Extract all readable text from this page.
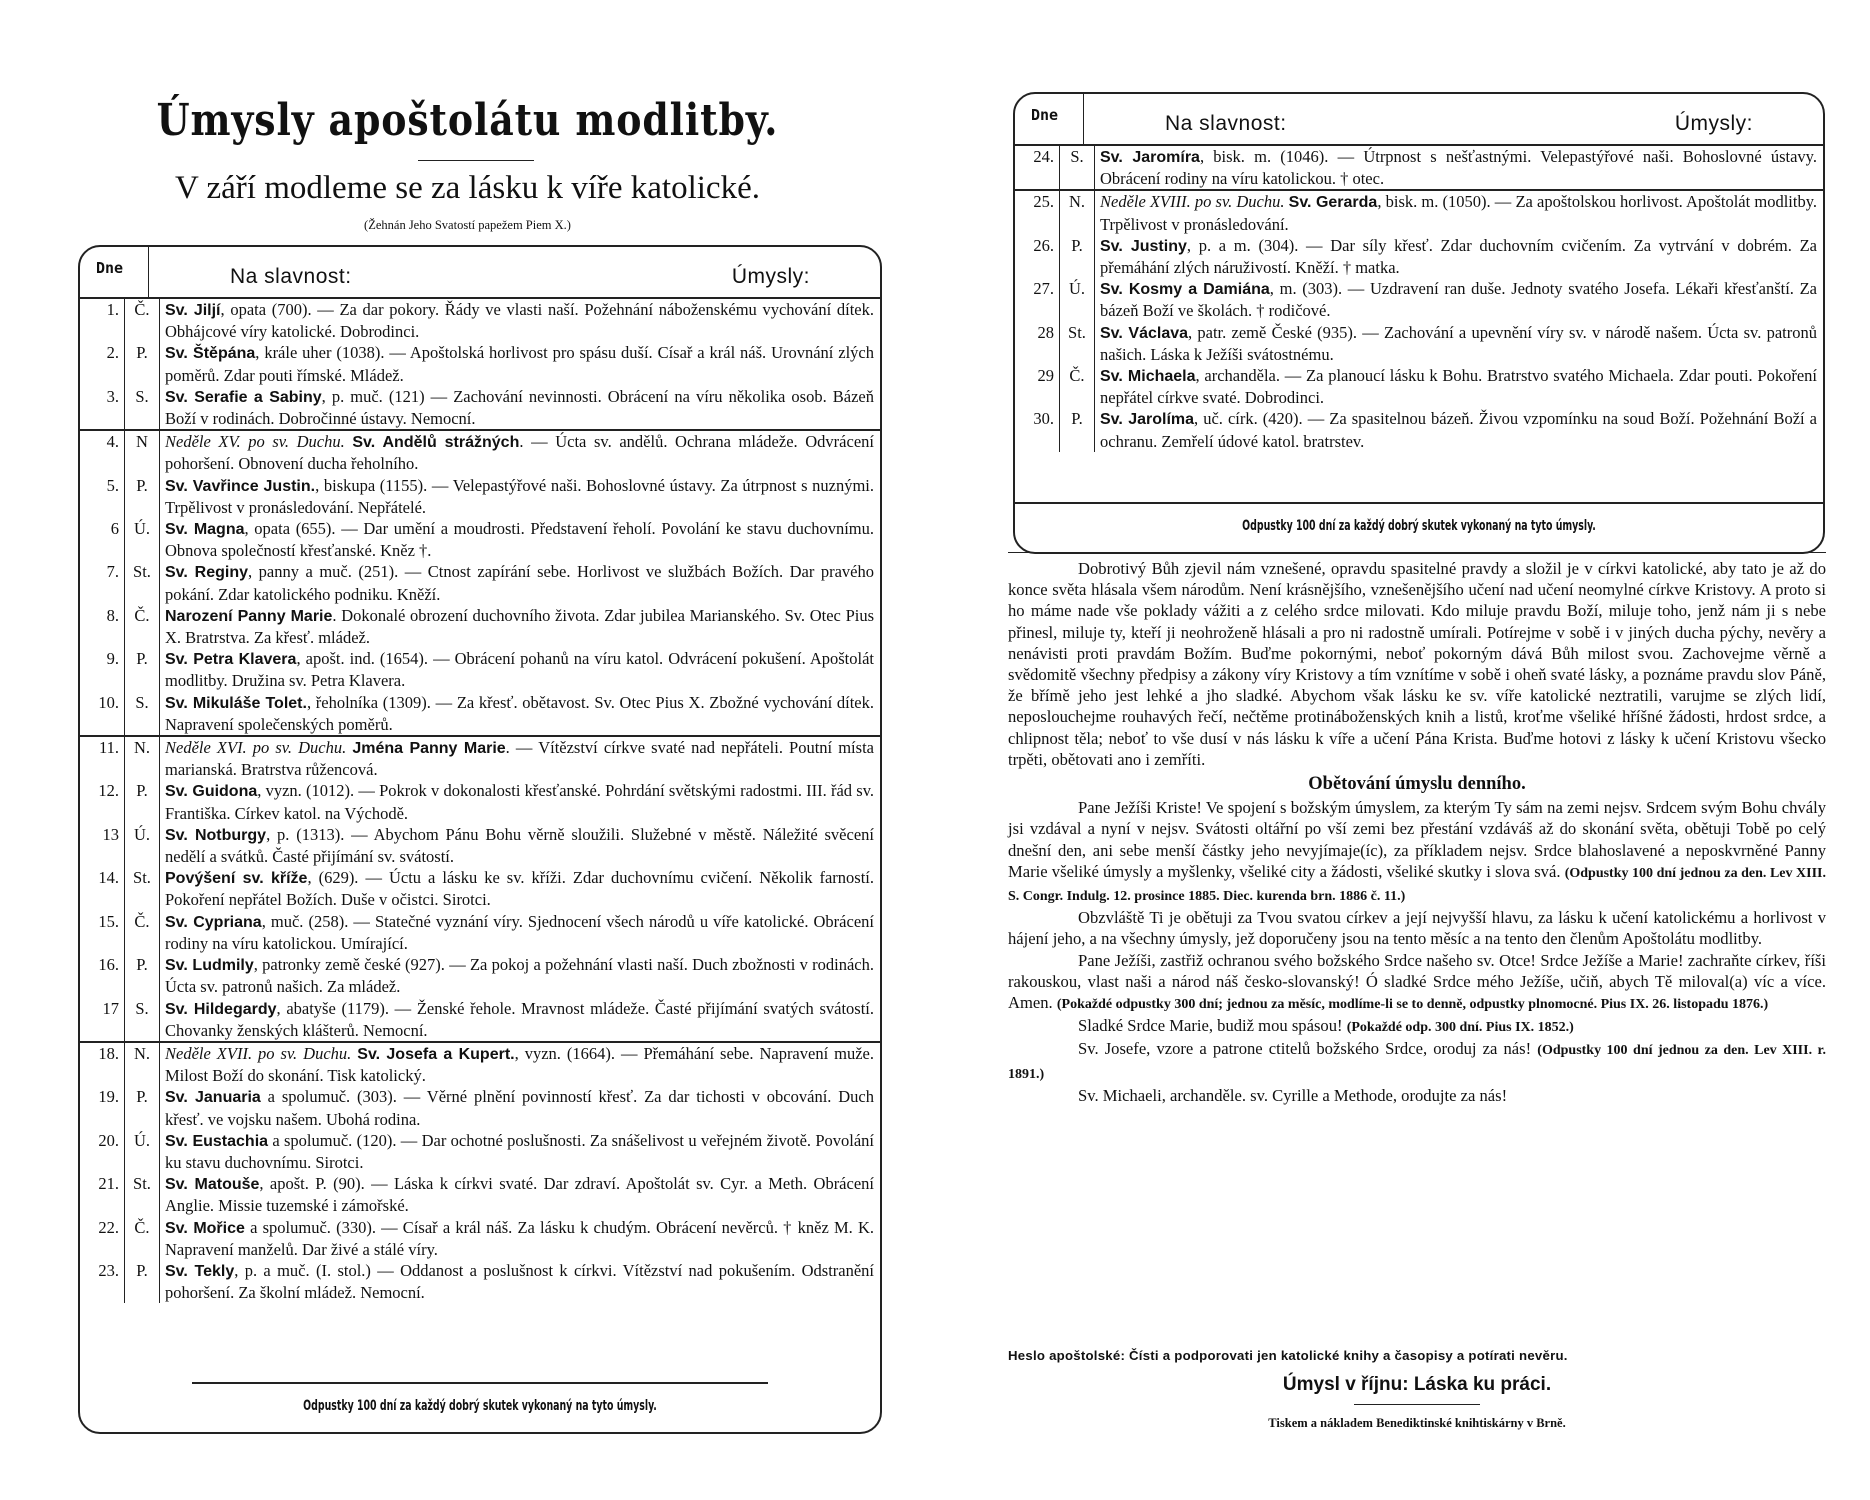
Úmysly apoštolátu modlitby.
V září modleme se za lásku k víře katolické.
(Žehnán Jeho Svatostí papežem Piem X.)
Dne	Na slavnost:	Úmysly:
1. Č. Sv. Jiljí, opata (700). — Za dar pokory. Řády ve vlasti naší. Požehnání náboženskému vychování dítek. Obhájcové víry katolické. Dobrodinci.
2.	P.	Sv. Štěpána, krále uher (1038). — Apoštolská horlivost pro spásu duší. Císař a král náš. Urovnání zlých poměrů. Zdar pouti římské. Mládež.
3. S.	Sv. Serafie a Sabiny, p. muč. (121) — Zachování nevinnosti. Obrácení na víru několika osob. Bázeň Boží v rodinách. Dobročinné ústavy. Nemocní.
4.	N	Neděle XV. po sv. Duchu. Sv. Andělů strážných. — Úcta sv. andělů. Ochrana mládeže. Odvrácení pohoršení. Obnovení ducha řeholního.
5.	P.	Sv. Vavřince Justin., biskupa (1155). — Velepastýřové naši. Bohoslovné ústavy. Za útrpnost s nuznými. Trpělivost v pronásledování. Nepřátelé.
6 Ú. Sv. Magna, opata (655). — Dar umění a moudrosti. Představení řeholí. Povolání ke stavu duchovnímu. Obnova společností křesťanské. Kněz †.
7. St. Sv. Reginy, panny a muč. (251). — Ctnost zapírání sebe. Horlivost ve službách Božích. Dar pravého pokání. Zdar katolického podniku. Kněží.
8. Č. Narození Panny Marie. Dokonalé obrození duchovního života. Zdar jubilea Marianského. Sv. Otec Pius X. Bratrstva. Za křesť. mládež.
9.	P.	Sv. Petra Klavera, apošt. ind. (1654). — Obrácení pohanů na víru katol. Odvrácení pokušení. Apoštolát modlitby. Družina sv. Petra Klavera.
10. S.	Sv. Mikuláše Tolet., řeholníka (1309). — Za křesť. obětavost. Sv. Otec Pius X. Zbožné vychování dítek. Napravení společenských poměrů.
11. N. Neděle XVI. po sv. Duchu. Jména Panny Marie. — Vítězství církve svaté nad nepřáteli. Poutní místa marianská. Bratrstva růžencová.
12.	P.	Sv. Guidona, vyzn. (1012). — Pokrok v dokonalosti křesťanské. Pohrdání světskými radostmi. III. řád sv. Františka. Církev katol. na Východě.
13 Ú. Sv. Notburgy, p. (1313). — Abychom Pánu Bohu věrně sloužili. Služebné v městě. Náležité svěcení nedělí a svátků. Časté přijímání sv. svátostí.
14. St. Povýšení sv. kříže, (629). — Úctu a lásku ke sv. kříži. Zdar duchovnímu cvičení. Několik farností. Pokoření nepřátel Božích. Duše v očistci. Sirotci.
15. Č. Sv. Cypriana, muč. (258). — Statečné vyznání víry. Sjednocení všech národů u víře katolické. Obrácení rodiny na víru katolickou. Umírající.
16.	P.	Sv. Ludmily, patronky země české (927). — Za pokoj a požehnání vlasti naší. Duch zbožnosti v rodinách. Úcta sv. patronů našich. Za mládež.
17 S.	Sv. Hildegardy, abatyše (1179). — Ženské řehole. Mravnost mládeže. Časté přijímání svatých svátostí. Chovanky ženských klášterů. Nemocní.
18. N. Neděle XVII. po sv. Duchu. Sv. Josefa a Kupert., vyzn. (1664). — Přemáhání sebe. Napravení muže. Milost Boží do skonání. Tisk katolický.
19.	P.	Sv. Januaria a spolumuč. (303). — Věrné plnění povinností křesť. Za dar tichosti v obcování. Duch křesť. ve vojsku našem. Ubohá rodina.
20. Ú. Sv. Eustachia a spolumuč. (120). — Dar ochotné poslušnosti. Za snášelivost u veřejném životě. Povolání ku stavu duchovnímu. Sirotci.
21. St. Sv. Matouše, apošt. P. (90). — Láska k církvi svaté. Dar zdraví. Apoštolát sv. Cyr. a Meth. Obrácení Anglie. Missie tuzemské i zámořské.
22. Č. Sv. Mořice a spolumuč. (330). — Císař a král náš. Za lásku k chudým. Obrácení nevěrců. † kněz M. K. Napravení manželů. Dar živé a stálé víry.
23.	P.	Sv. Tekly, p. a muč. (I. stol.) — Oddanost a poslušnost k církvi. Vítězství nad pokušením. Odstranění pohoršení. Za školní mládež. Nemocní.
Odpustky 100 dní za každý dobrý skutek vykonaný na tyto úmysly.
Dne	Na slavnost:	Úmysly:
24. S.	Sv. Jaromíra, bisk. m. (1046). — Útrpnost s nešťastnými. Velepastýřové naši. Bohoslovné ústavy. Obrácení rodiny na víru katolickou. † otec.
25. N. Neděle XVIII. po sv. Duchu. Sv. Gerarda, bisk. m. (1050). — Za apoštolskou horlivost. Apoštolát modlitby. Trpělivost v pronásledování.
26.	P.	Sv. Justiny, p. a m. (304). — Dar síly křesť. Zdar duchovním cvičením. Za vytrvání v dobrém. Za přemáhání zlých náruživostí. Kněží. † matka.
27. Ú. Sv. Kosmy a Damiána, m. (303). — Uzdravení ran duše. Jednoty svatého Josefa. Lékaři křesťanští. Za bázeň Boží ve školách. † rodičové.
28 St. Sv. Václava, patr. země České (935). — Zachování a upevnění víry sv. v národě našem. Úcta sv. patronů našich. Láska k Ježíši svátostnému.
29 Č. Sv. Michaela, archanděla. — Za planoucí lásku k Bohu. Bratrstvo svatého Michaela. Zdar pouti. Pokoření nepřátel církve svaté. Dobrodinci.
30.	P.	Sv. Jarolíma, uč. círk. (420). — Za spasitelnou bázeň. Živou vzpomínku na soud Boží. Požehnání Boží a ochranu. Zemřelí údové katol. bratrstev.
Odpustky 100 dní za každý dobrý skutek vykonaný na tyto úmysly.

Dobrotivý Bůh zjevil nám vznešené, opravdu spasitelné pravdy a složil je v církvi katolické, aby tato je až do konce světa hlásala všem národům. Není krásnějšího, vznešenějšího učení nad učení neomylné církve Kristovy. A proto si ho máme nade vše poklady vážiti a z celého srdce milovati. Kdo miluje pravdu Boží, miluje toho, jenž nám ji s nebe přinesl, miluje ty, kteří ji neohroženě hlásali a pro ni radostně umírali. Potírejme v sobě i v jiných ducha pýchy, nevěry a nenávisti proti pravdám Božím. Buďme pokornými, neboť pokorným dává Bůh milost svou. Zachovejme věrně a svědomitě všechny předpisy a zákony víry Kristovy a tím vznítíme v sobě i oheň svaté lásky, a poznáme pravdu slov Páně, že břímě jeho jest lehké a jho sladké. Abychom však lásku ke sv. víře katolické neztratili, varujme se zlých lidí, neposlouchejme rouhavých řečí, nečtěme protináboženských knih a listů, kroťme všeliké hříšné žádosti, hrdost srdce, a chlipnost těla; neboť to vše dusí v nás lásku k víře a učení Pána Krista. Buďme hotovi z lásky k učení Kristovu všecko trpěti, obětovati ano i zemříti.

Obětování úmyslu denního.

Pane Ježíši Kriste! Ve spojení s božským úmyslem, za kterým Ty sám na zemi nejsv. Srdcem svým Bohu chvály jsi vzdával a nyní v nejsv. Svátosti oltářní po vší zemi bez přestání vzdáváš až do skonání světa, obětuji Tobě po celý dnešní den, ani sebe menší částky jeho nevyjímaje(íc), za příkladem nejsv. Srdce blahoslavené a neposkvrněné Panny Marie všeliké úmysly a myšlenky, všeliké city a žádosti, všeliké skutky i slova svá. (Odpustky 100 dní jednou za den. Lev XIII. S. Congr. Indulg. 12. prosince 1885. Diec. kurenda brn. 1886 č. 11.)

Obzvláště Ti je obětuji za Tvou svatou církev a její nejvyšší hlavu, za lásku k učení katolickému a horlivost v hájení jeho, a na všechny úmysly, jež doporučeny jsou na tento měsíc a na tento den členům Apoštolátu modlitby.

Pane Ježíši, zastřiž ochranou svého božského Srdce našeho sv. Otce! Srdce Ježíše a Marie! zachraňte církev, říši rakouskou, vlast naši a národ náš česko-slovanský! Ó sladké Srdce mého Ježíše, učiň, abych Tě miloval(a) víc a více. Amen. (Pokaždé odpustky 300 dní; jednou za měsíc, modlíme-li se to denně, odpustky plnomocné. Pius IX. 26. listopadu 1876.)

Sladké Srdce Marie, budiž mou spásou! (Pokaždé odp. 300 dní. Pius IX. 1852.)

Sv. Josefe, vzore a patrone ctitelů božského Srdce, oroduj za nás! (Odpustky 100 dní jednou za den. Lev XIII. r. 1891.)

Sv. Michaeli, archanděle. sv. Cyrille a Methode, orodujte za nás!

Heslo apoštolské: Čísti a podporovati jen katolické knihy a časopisy a potírati nevěru.
Úmysl v říjnu: Láska ku práci.
Tiskem a nákladem Benediktinské knihtiskárny v Brně.
